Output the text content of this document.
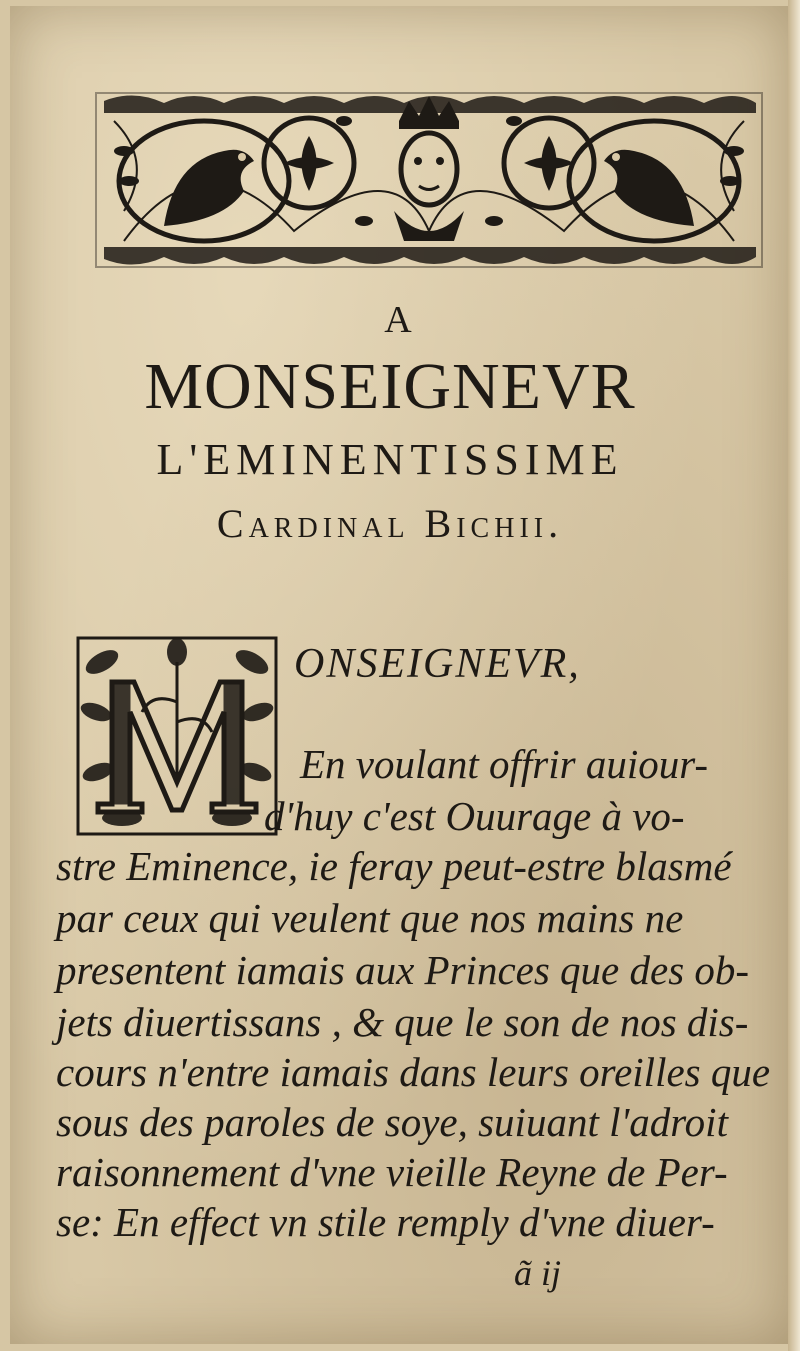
A
MONSEIGNEVR
L'EMINENTISSIME
Cardinal Bichii.
ONSEIGNEVR,
En voulant offrir auiour-
d'huy c'est Ouurage à vo-
stre Eminence, ie feray peut-estre blasmé
par ceux qui veulent que nos mains ne
presentent iamais aux Princes que des ob-
jets diuertissans , & que le son de nos dis-
cours n'entre iamais dans leurs oreilles que
sous des paroles de soye, suiuant l'adroit
raisonnement d'vne vieille Reyne de Per-
se: En effect vn stile remply d'vne diuer-
ã ij
